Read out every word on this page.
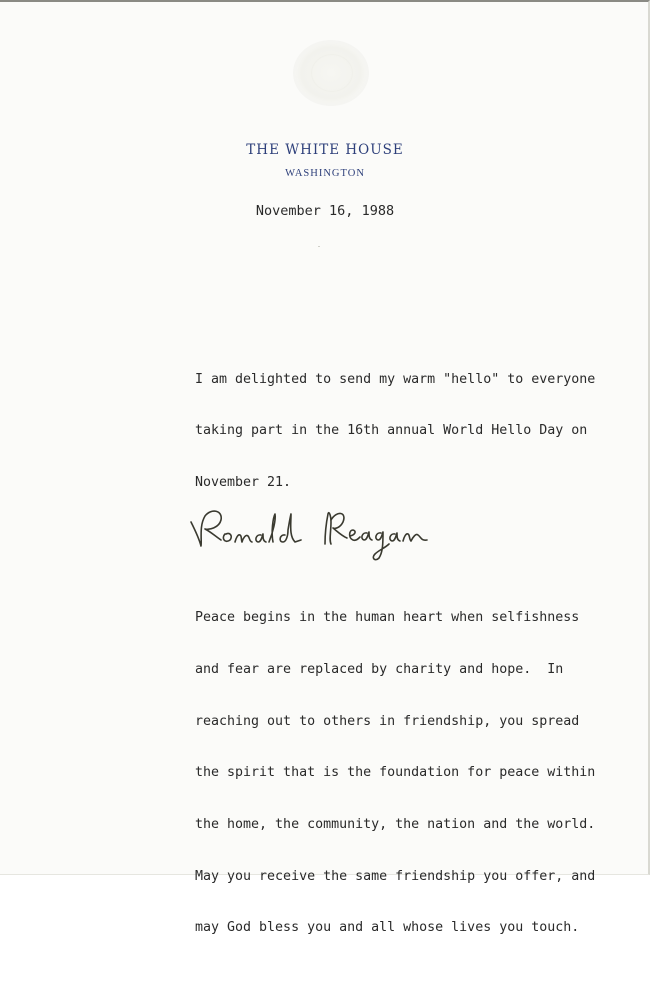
THE WHITE HOUSE
WASHINGTON
November 16, 1988

I am delighted to send my warm "hello" to everyone

taking part in the 16th annual World Hello Day on

November 21.

Peace begins in the human heart when selfishness

and fear are replaced by charity and hope.  In

reaching out to others in friendship, you spread

the spirit that is the foundation for peace within

the home, the community, the nation and the world.

May you receive the same friendship you offer, and

may God bless you and all whose lives you touch.
